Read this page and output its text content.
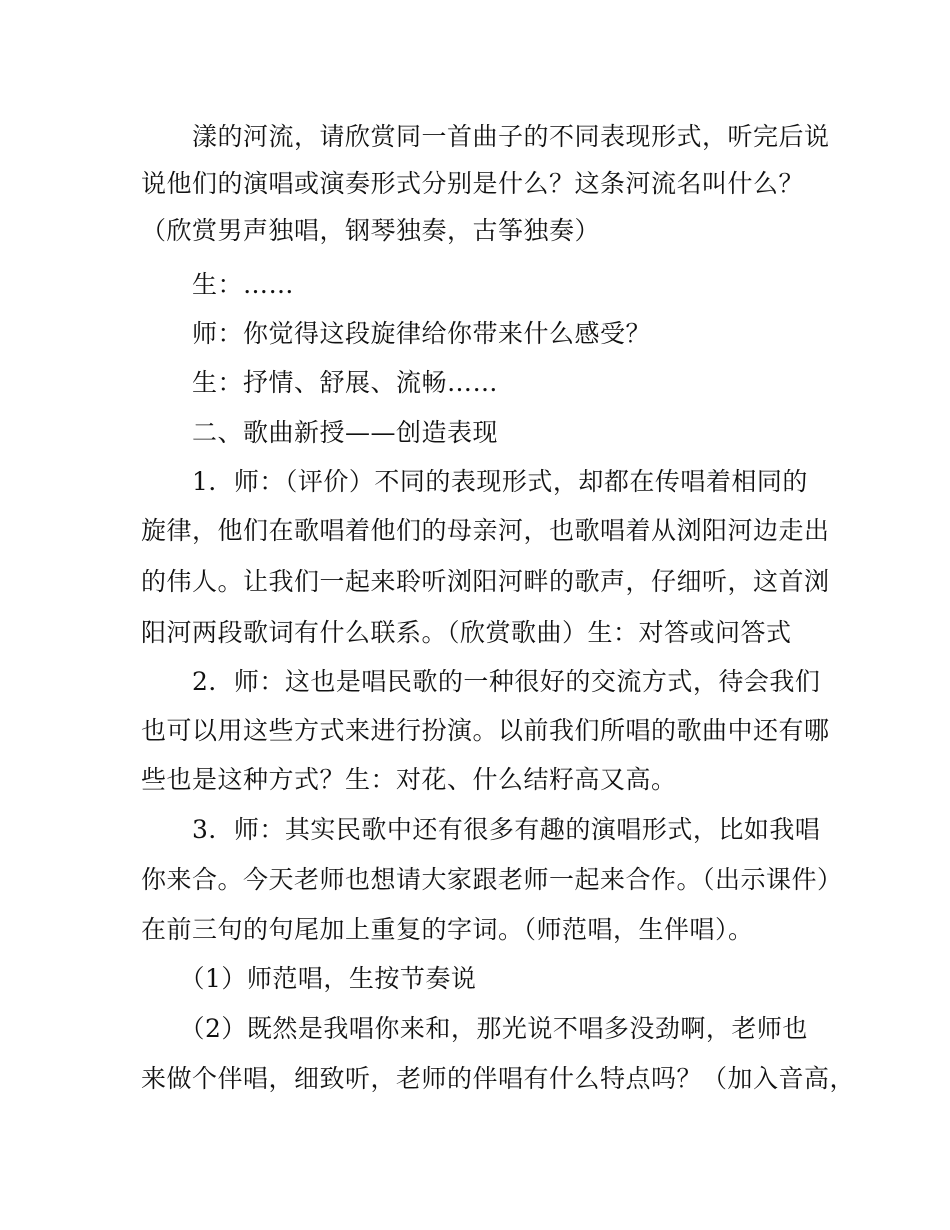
　　漾的河流，请欣赏同一首曲子的不同表现形式，听完后说
说他们的演唱或演奏形式分别是什么？这条河流名叫什么？
（欣赏男声独唱，钢琴独奏，古筝独奏）
　　生：……
　　师：你觉得这段旋律给你带来什么感受？
　　生：抒情、舒展、流畅……
　　二、歌曲新授——创造表现
　　1．师：（评价）不同的表现形式，却都在传唱着相同的
旋律，他们在歌唱着他们的母亲河，也歌唱着从浏阳河边走出
的伟人。让我们一起来聆听浏阳河畔的歌声，仔细听，这首浏
阳河两段歌词有什么联系。（欣赏歌曲）生：对答或问答式
　　2．师：这也是唱民歌的一种很好的交流方式，待会我们
也可以用这些方式来进行扮演。以前我们所唱的歌曲中还有哪
些也是这种方式？生：对花、什么结籽高又高。
　　3．师：其实民歌中还有很多有趣的演唱形式，比如我唱
你来合。今天老师也想请大家跟老师一起来合作。（出示课件）
在前三句的句尾加上重复的字词。（师范唱，生伴唱）。
　　（1）师范唱，生按节奏说
　　（2）既然是我唱你来和，那光说不唱多没劲啊，老师也
来做个伴唱，细致听，老师的伴唱有什么特点吗？（加入音高，
